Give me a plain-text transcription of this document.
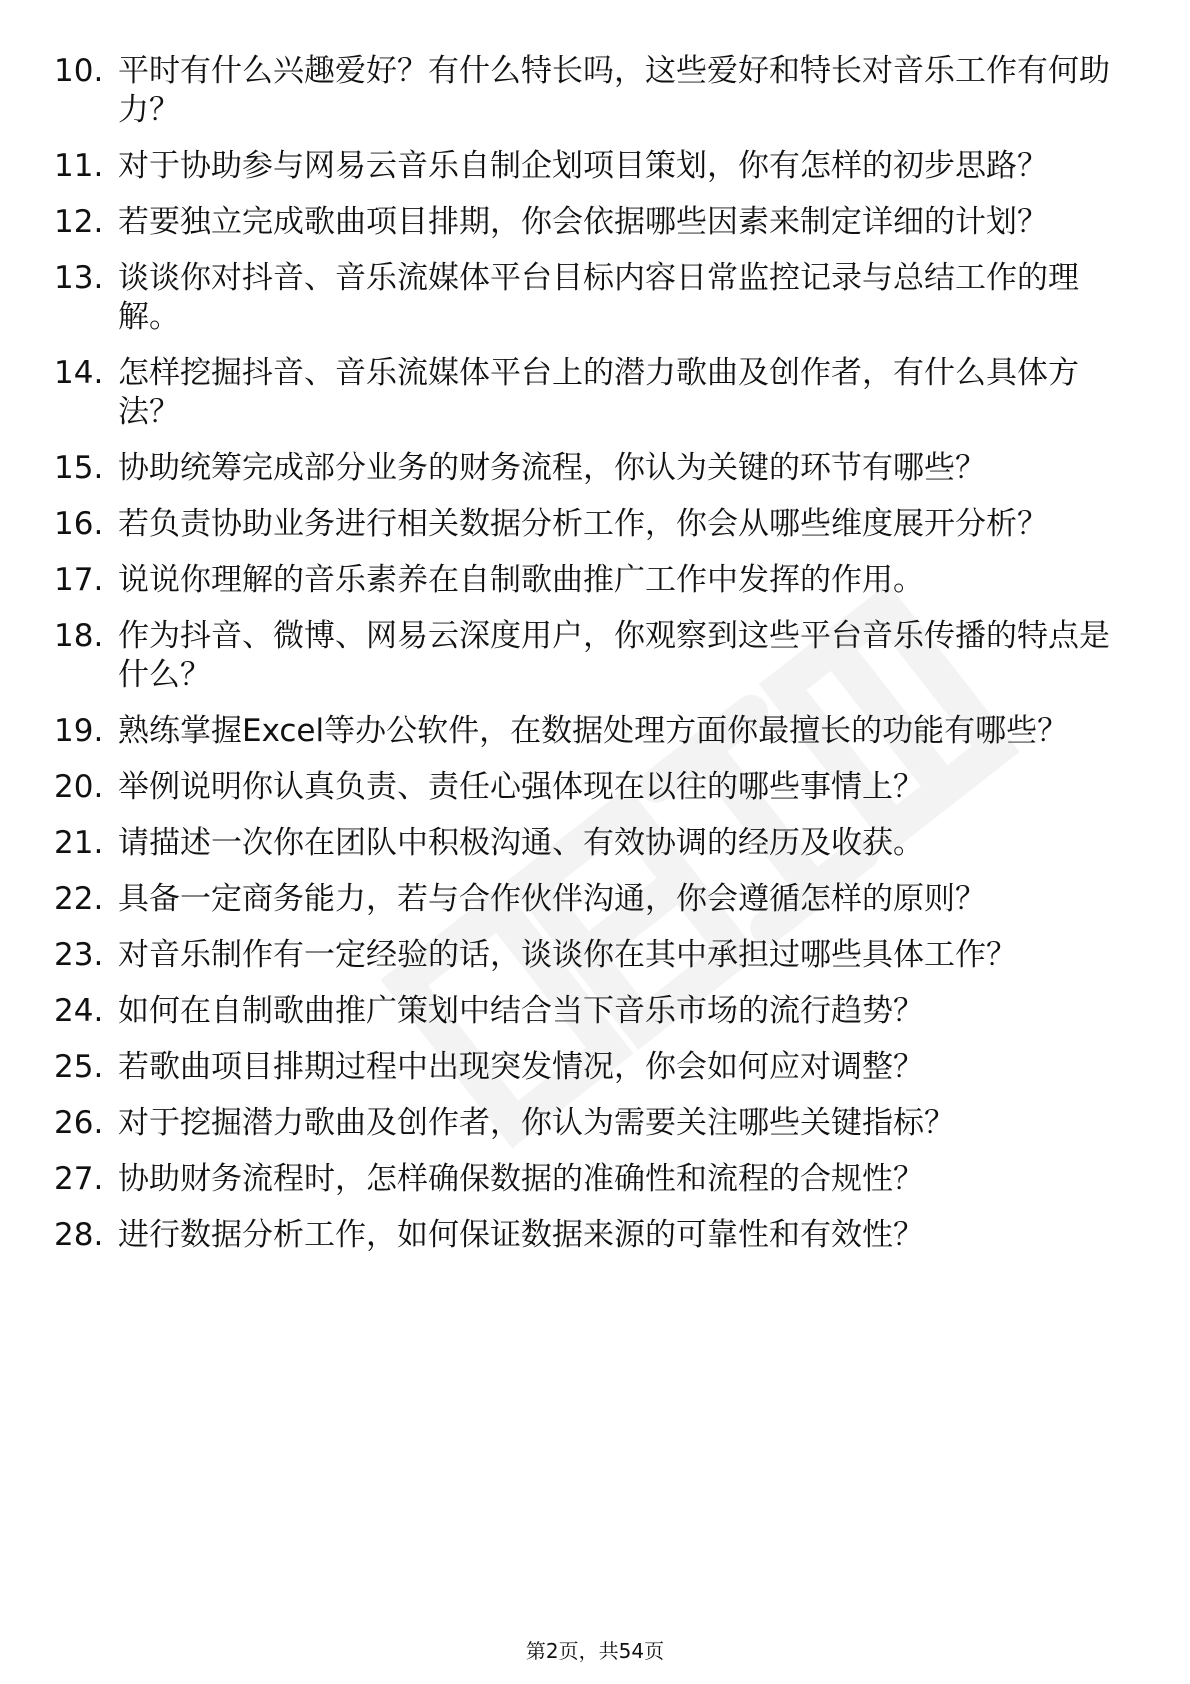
10. 平时有什么兴趣爱好？有什么特长吗，这些爱好和特长对音乐工作有何助力？
11. 对于协助参与网易云音乐自制企划项目策划，你有怎样的初步思路？
12. 若要独立完成歌曲项目排期，你会依据哪些因素来制定详细的计划？
13. 谈谈你对抖音、音乐流媒体平台目标内容日常监控记录与总结工作的理解。
14. 怎样挖掘抖音、音乐流媒体平台上的潜力歌曲及创作者，有什么具体方法？
15. 协助统筹完成部分业务的财务流程，你认为关键的环节有哪些？
16. 若负责协助业务进行相关数据分析工作，你会从哪些维度展开分析？
17. 说说你理解的音乐素养在自制歌曲推广工作中发挥的作用。
18. 作为抖音、微博、网易云深度用户，你观察到这些平台音乐传播的特点是什么？
19. 熟练掌握Excel等办公软件，在数据处理方面你最擅长的功能有哪些？
20. 举例说明你认真负责、责任心强体现在以往的哪些事情上？
21. 请描述一次你在团队中积极沟通、有效协调的经历及收获。
22. 具备一定商务能力，若与合作伙伴沟通，你会遵循怎样的原则？
23. 对音乐制作有一定经验的话，谈谈你在其中承担过哪些具体工作？
24. 如何在自制歌曲推广策划中结合当下音乐市场的流行趋势？
25. 若歌曲项目排期过程中出现突发情况，你会如何应对调整？
26. 对于挖掘潜力歌曲及创作者，你认为需要关注哪些关键指标？
27. 协助财务流程时，怎样确保数据的准确性和流程的合规性？
28. 进行数据分析工作，如何保证数据来源的可靠性和有效性？
第2页，共54页
